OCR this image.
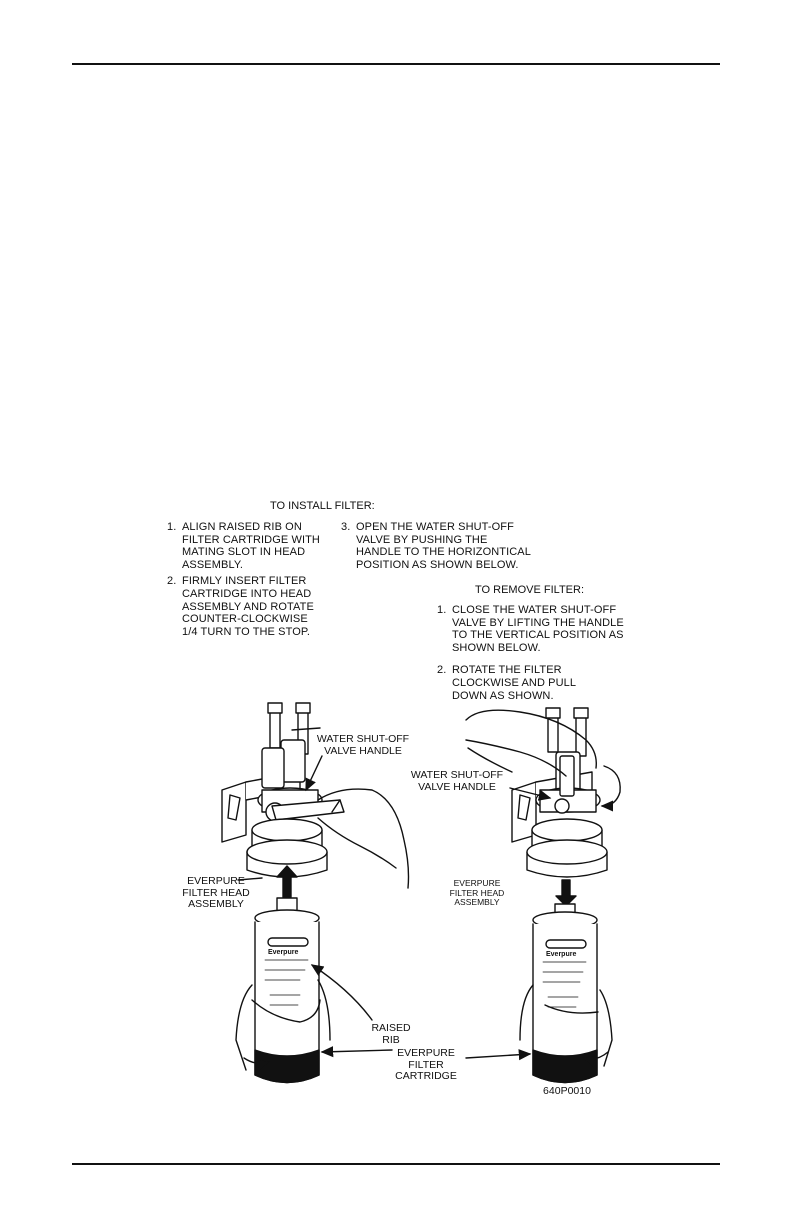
TO INSTALL FILTER:
1. ALIGN RAISED RIB ON
FILTER CARTRIDGE WITH
MATING SLOT IN HEAD
ASSEMBLY.
2. FIRMLY INSERT FILTER
CARTRIDGE INTO HEAD
ASSEMBLY AND ROTATE
COUNTER-CLOCKWISE
1/4 TURN TO THE STOP.
3. OPEN THE WATER SHUT-OFF
VALVE BY PUSHING THE
HANDLE TO THE HORIZONTICAL
POSITION AS SHOWN BELOW.
TO REMOVE FILTER:
1. CLOSE THE WATER SHUT-OFF
VALVE BY LIFTING THE HANDLE
TO THE VERTICAL POSITION AS
SHOWN BELOW.
2. ROTATE THE FILTER
CLOCKWISE AND PULL
DOWN AS SHOWN.
Everpure	Everpure
WATER SHUT-OFF
VALVE HANDLE
WATER SHUT-OFF
VALVE HANDLE
EVERPURE
FILTER HEAD
ASSEMBLY
EVERPURE
FILTER HEAD
ASSEMBLY
RAISED
RIB
EVERPURE
FILTER
CARTRIDGE
640P0010
